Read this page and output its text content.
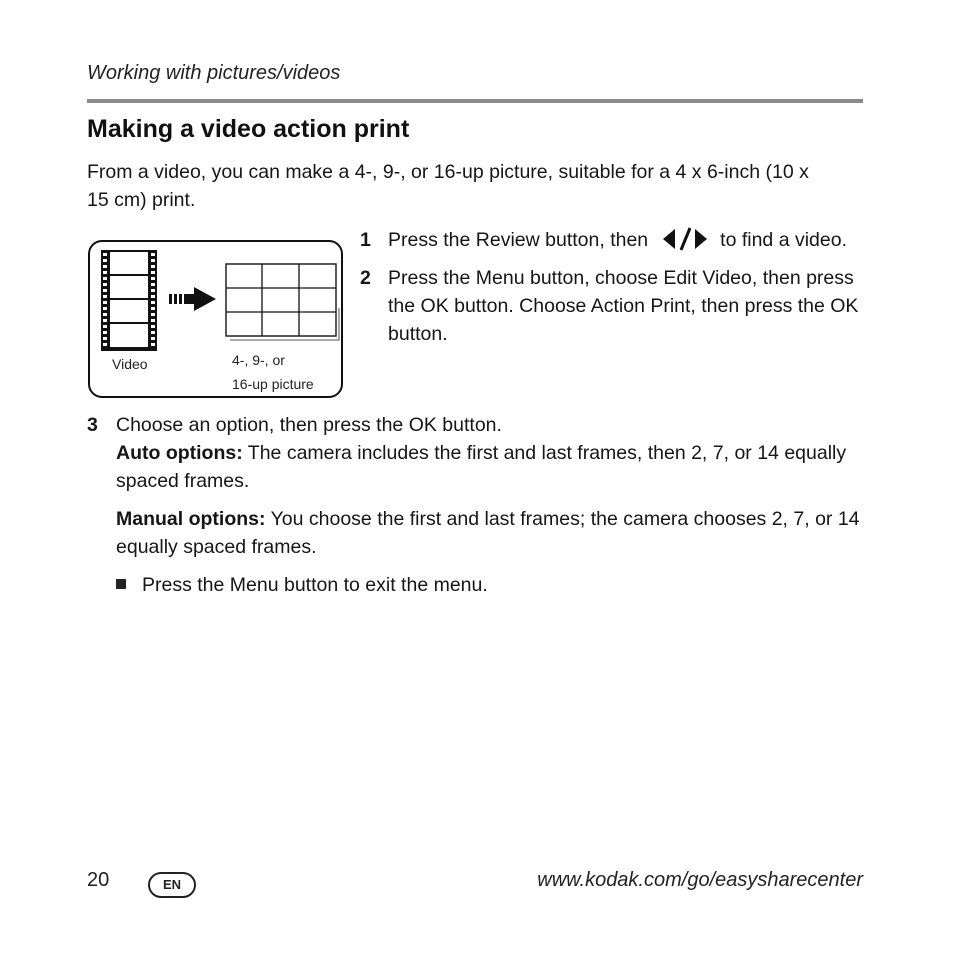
Working with pictures/videos
Making a video action print
From a video, you can make a 4-, 9-, or 16-up picture, suitable for a 4 x 6-inch (10 x 15 cm) print.
Video	4-, 9-, or
16-up picture
1 Press the Review button, then	to find a video.
2 Press the Menu button, choose Edit Video, then press the OK button. Choose Action Print, then press the OK button.
3 Choose an option, then press the OK button.
Auto options: The camera includes the first and last frames, then 2, 7, or 14 equally spaced frames.
Manual options: You choose the first and last frames; the camera chooses 2, 7, or 14 equally spaced frames.
Press the Menu button to exit the menu.
20	EN	www.kodak.com/go/easysharecenter
